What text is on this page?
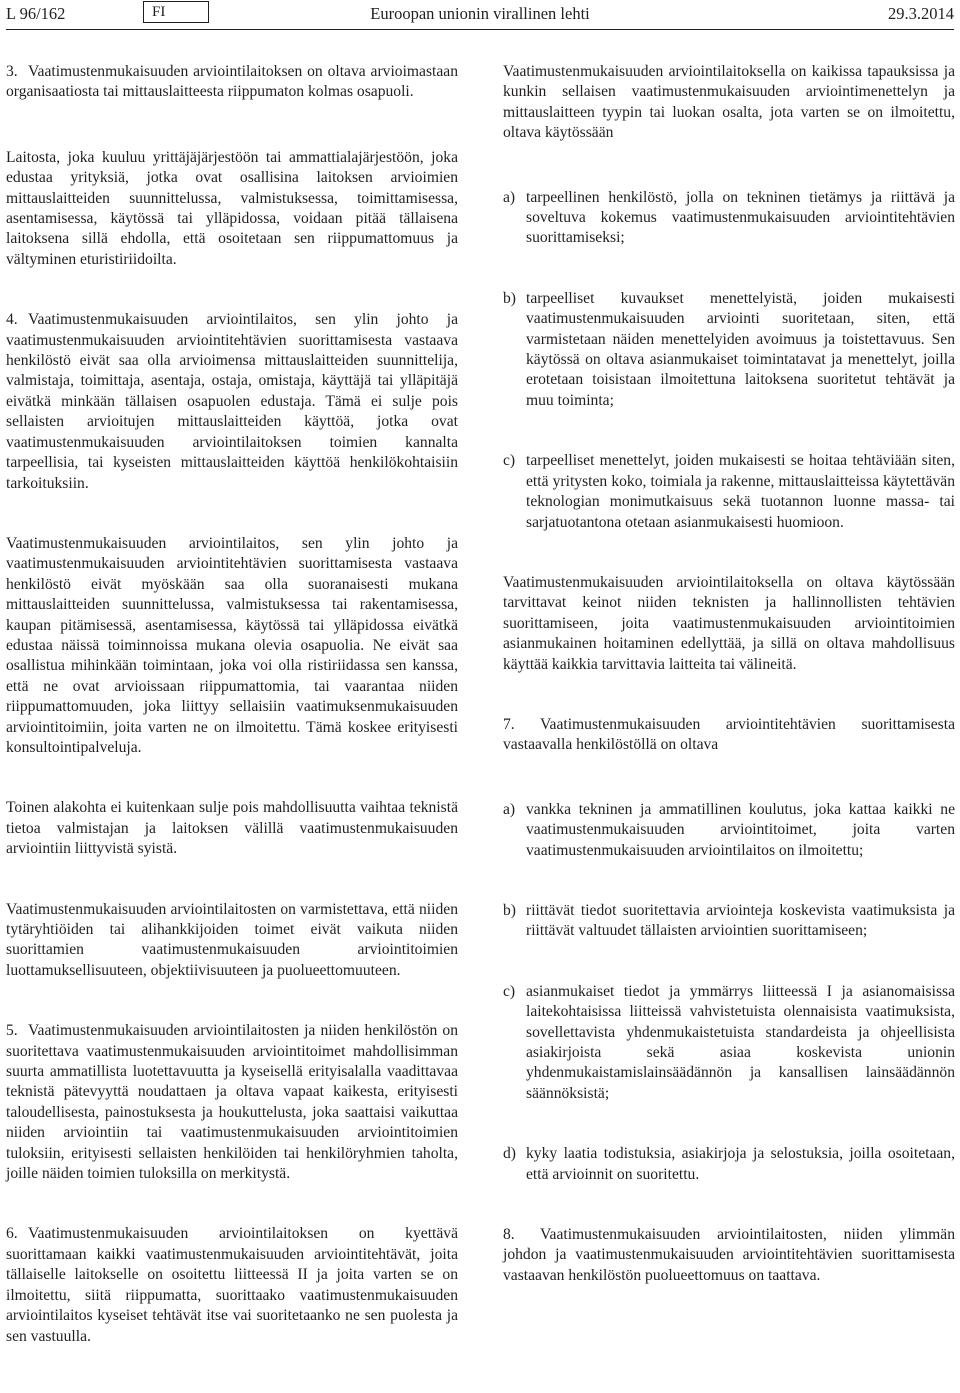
L 96/162	FI	Euroopan unionin virallinen lehti	29.3.2014

3. Vaatimustenmukaisuuden arviointilaitoksen on oltava arvioimastaan organisaatiosta tai mittauslaitteesta riippumaton kolmas osapuoli.

Laitosta, joka kuuluu yrittäjäjärjestöön tai ammattialajärjestöön, joka edustaa yrityksiä, jotka ovat osallisina laitoksen arvioimien mittauslaitteiden suunnittelussa, valmistuksessa, toimittamisessa, asentamisessa, käytössä tai ylläpidossa, voidaan pitää tällaisena laitoksena sillä ehdolla, että osoitetaan sen riippumattomuus ja vältyminen eturistiriidoilta.

4. Vaatimustenmukaisuuden arviointilaitos, sen ylin johto ja vaatimustenmukaisuuden arviointitehtävien suorittamisesta vastaava henkilöstö eivät saa olla arvioimensa mittauslaitteiden suunnittelija, valmistaja, toimittaja, asentaja, ostaja, omistaja, käyttäjä tai ylläpitäjä eivätkä minkään tällaisen osapuolen edustaja. Tämä ei sulje pois sellaisten arvioitujen mittauslaitteiden käyttöä, jotka ovat vaatimustenmukaisuuden arviointilaitoksen toimien kannalta tarpeellisia, tai kyseisten mittauslaitteiden käyttöä henkilökohtaisiin tarkoituksiin.

Vaatimustenmukaisuuden arviointilaitos, sen ylin johto ja vaatimustenmukaisuuden arviointitehtävien suorittamisesta vastaava henkilöstö eivät myöskään saa olla suoranaisesti mukana mittauslaitteiden suunnittelussa, valmistuksessa tai rakentamisessa, kaupan pitämisessä, asentamisessa, käytössä tai ylläpidossa eivätkä edustaa näissä toiminnoissa mukana olevia osapuolia. Ne eivät saa osallistua mihinkään toimintaan, joka voi olla ristiriidassa sen kanssa, että ne ovat arvioissaan riippumattomia, tai vaarantaa niiden riippumattomuuden, joka liittyy sellaisiin vaatimuksenmukaisuuden arviointitoimiin, joita varten ne on ilmoitettu. Tämä koskee erityisesti konsultointipalveluja.

Toinen alakohta ei kuitenkaan sulje pois mahdollisuutta vaihtaa teknistä tietoa valmistajan ja laitoksen välillä vaatimustenmukaisuuden arviointiin liittyvistä syistä.

Vaatimustenmukaisuuden arviointilaitosten on varmistettava, että niiden tytäryhtiöiden tai alihankkijoiden toimet eivät vaikuta niiden suorittamien vaatimustenmukaisuuden arviointitoimien luottamuksellisuuteen, objektiivisuuteen ja puolueettomuuteen.

5. Vaatimustenmukaisuuden arviointilaitosten ja niiden henkilöstön on suoritettava vaatimustenmukaisuuden arviointitoimet mahdollisimman suurta ammatillista luotettavuutta ja kyseisellä erityisalalla vaadittavaa teknistä pätevyyttä noudattaen ja oltava vapaat kaikesta, erityisesti taloudellisesta, painostuksesta ja houkuttelusta, joka saattaisi vaikuttaa niiden arviointiin tai vaatimustenmukaisuuden arviointitoimien tuloksiin, erityisesti sellaisten henkilöiden tai henkilöryhmien taholta, joille näiden toimien tuloksilla on merkitystä.

6. Vaatimustenmukaisuuden arviointilaitoksen on kyettävä suorittamaan kaikki vaatimustenmukaisuuden arviointitehtävät, joita tällaiselle laitokselle on osoitettu liitteessä II ja joita varten se on ilmoitettu, siitä riippumatta, suorittaako vaatimustenmukaisuuden arviointilaitos kyseiset tehtävät itse vai suoritetaanko ne sen puolesta ja sen vastuulla.

Vaatimustenmukaisuuden arviointilaitoksella on kaikissa tapauksissa ja kunkin sellaisen vaatimustenmukaisuuden arviointimenettelyn ja mittauslaitteen tyypin tai luokan osalta, jota varten se on ilmoitettu, oltava käytössään

a) tarpeellinen henkilöstö, jolla on tekninen tietämys ja riittävä ja soveltuva kokemus vaatimustenmukaisuuden arviointitehtävien suorittamiseksi;
b) tarpeelliset kuvaukset menettelyistä, joiden mukaisesti vaatimustenmukaisuuden arviointi suoritetaan, siten, että varmistetaan näiden menettelyiden avoimuus ja toistettavuus. Sen käytössä on oltava asianmukaiset toimintatavat ja menettelyt, joilla erotetaan toisistaan ilmoitettuna laitoksena suoritetut tehtävät ja muu toiminta;
c) tarpeelliset menettelyt, joiden mukaisesti se hoitaa tehtäviään siten, että yritysten koko, toimiala ja rakenne, mittauslaitteissa käytettävän teknologian monimutkaisuus sekä tuotannon luonne massa- tai sarjatuotantona otetaan asianmukaisesti huomioon.

Vaatimustenmukaisuuden arviointilaitoksella on oltava käytössään tarvittavat keinot niiden teknisten ja hallinnollisten tehtävien suorittamiseen, joita vaatimustenmukaisuuden arviointitoimien asianmukainen hoitaminen edellyttää, ja sillä on oltava mahdollisuus käyttää kaikkia tarvittavia laitteita tai välineitä.

7. Vaatimustenmukaisuuden arviointitehtävien suorittamisesta vastaavalla henkilöstöllä on oltava

a) vankka tekninen ja ammatillinen koulutus, joka kattaa kaikki ne vaatimustenmukaisuuden arviointitoimet, joita varten vaatimustenmukaisuuden arviointilaitos on ilmoitettu;
b) riittävät tiedot suoritettavia arviointeja koskevista vaatimuksista ja riittävät valtuudet tällaisten arviointien suorittamiseen;
c) asianmukaiset tiedot ja ymmärrys liitteessä I ja asianomaisissa laitekohtaisissa liitteissä vahvistetuista olennaisista vaatimuksista, sovellettavista yhdenmukaistetuista standardeista ja ohjeellisista asiakirjoista sekä asiaa koskevista unionin yhdenmukaistamislainsäädännön ja kansallisen lainsäädännön säännöksistä;
d) kyky laatia todistuksia, asiakirjoja ja selostuksia, joilla osoitetaan, että arvioinnit on suoritettu.

8. Vaatimustenmukaisuuden arviointilaitosten, niiden ylimmän johdon ja vaatimustenmukaisuuden arviointitehtävien suorittamisesta vastaavan henkilöstön puolueettomuus on taattava.
